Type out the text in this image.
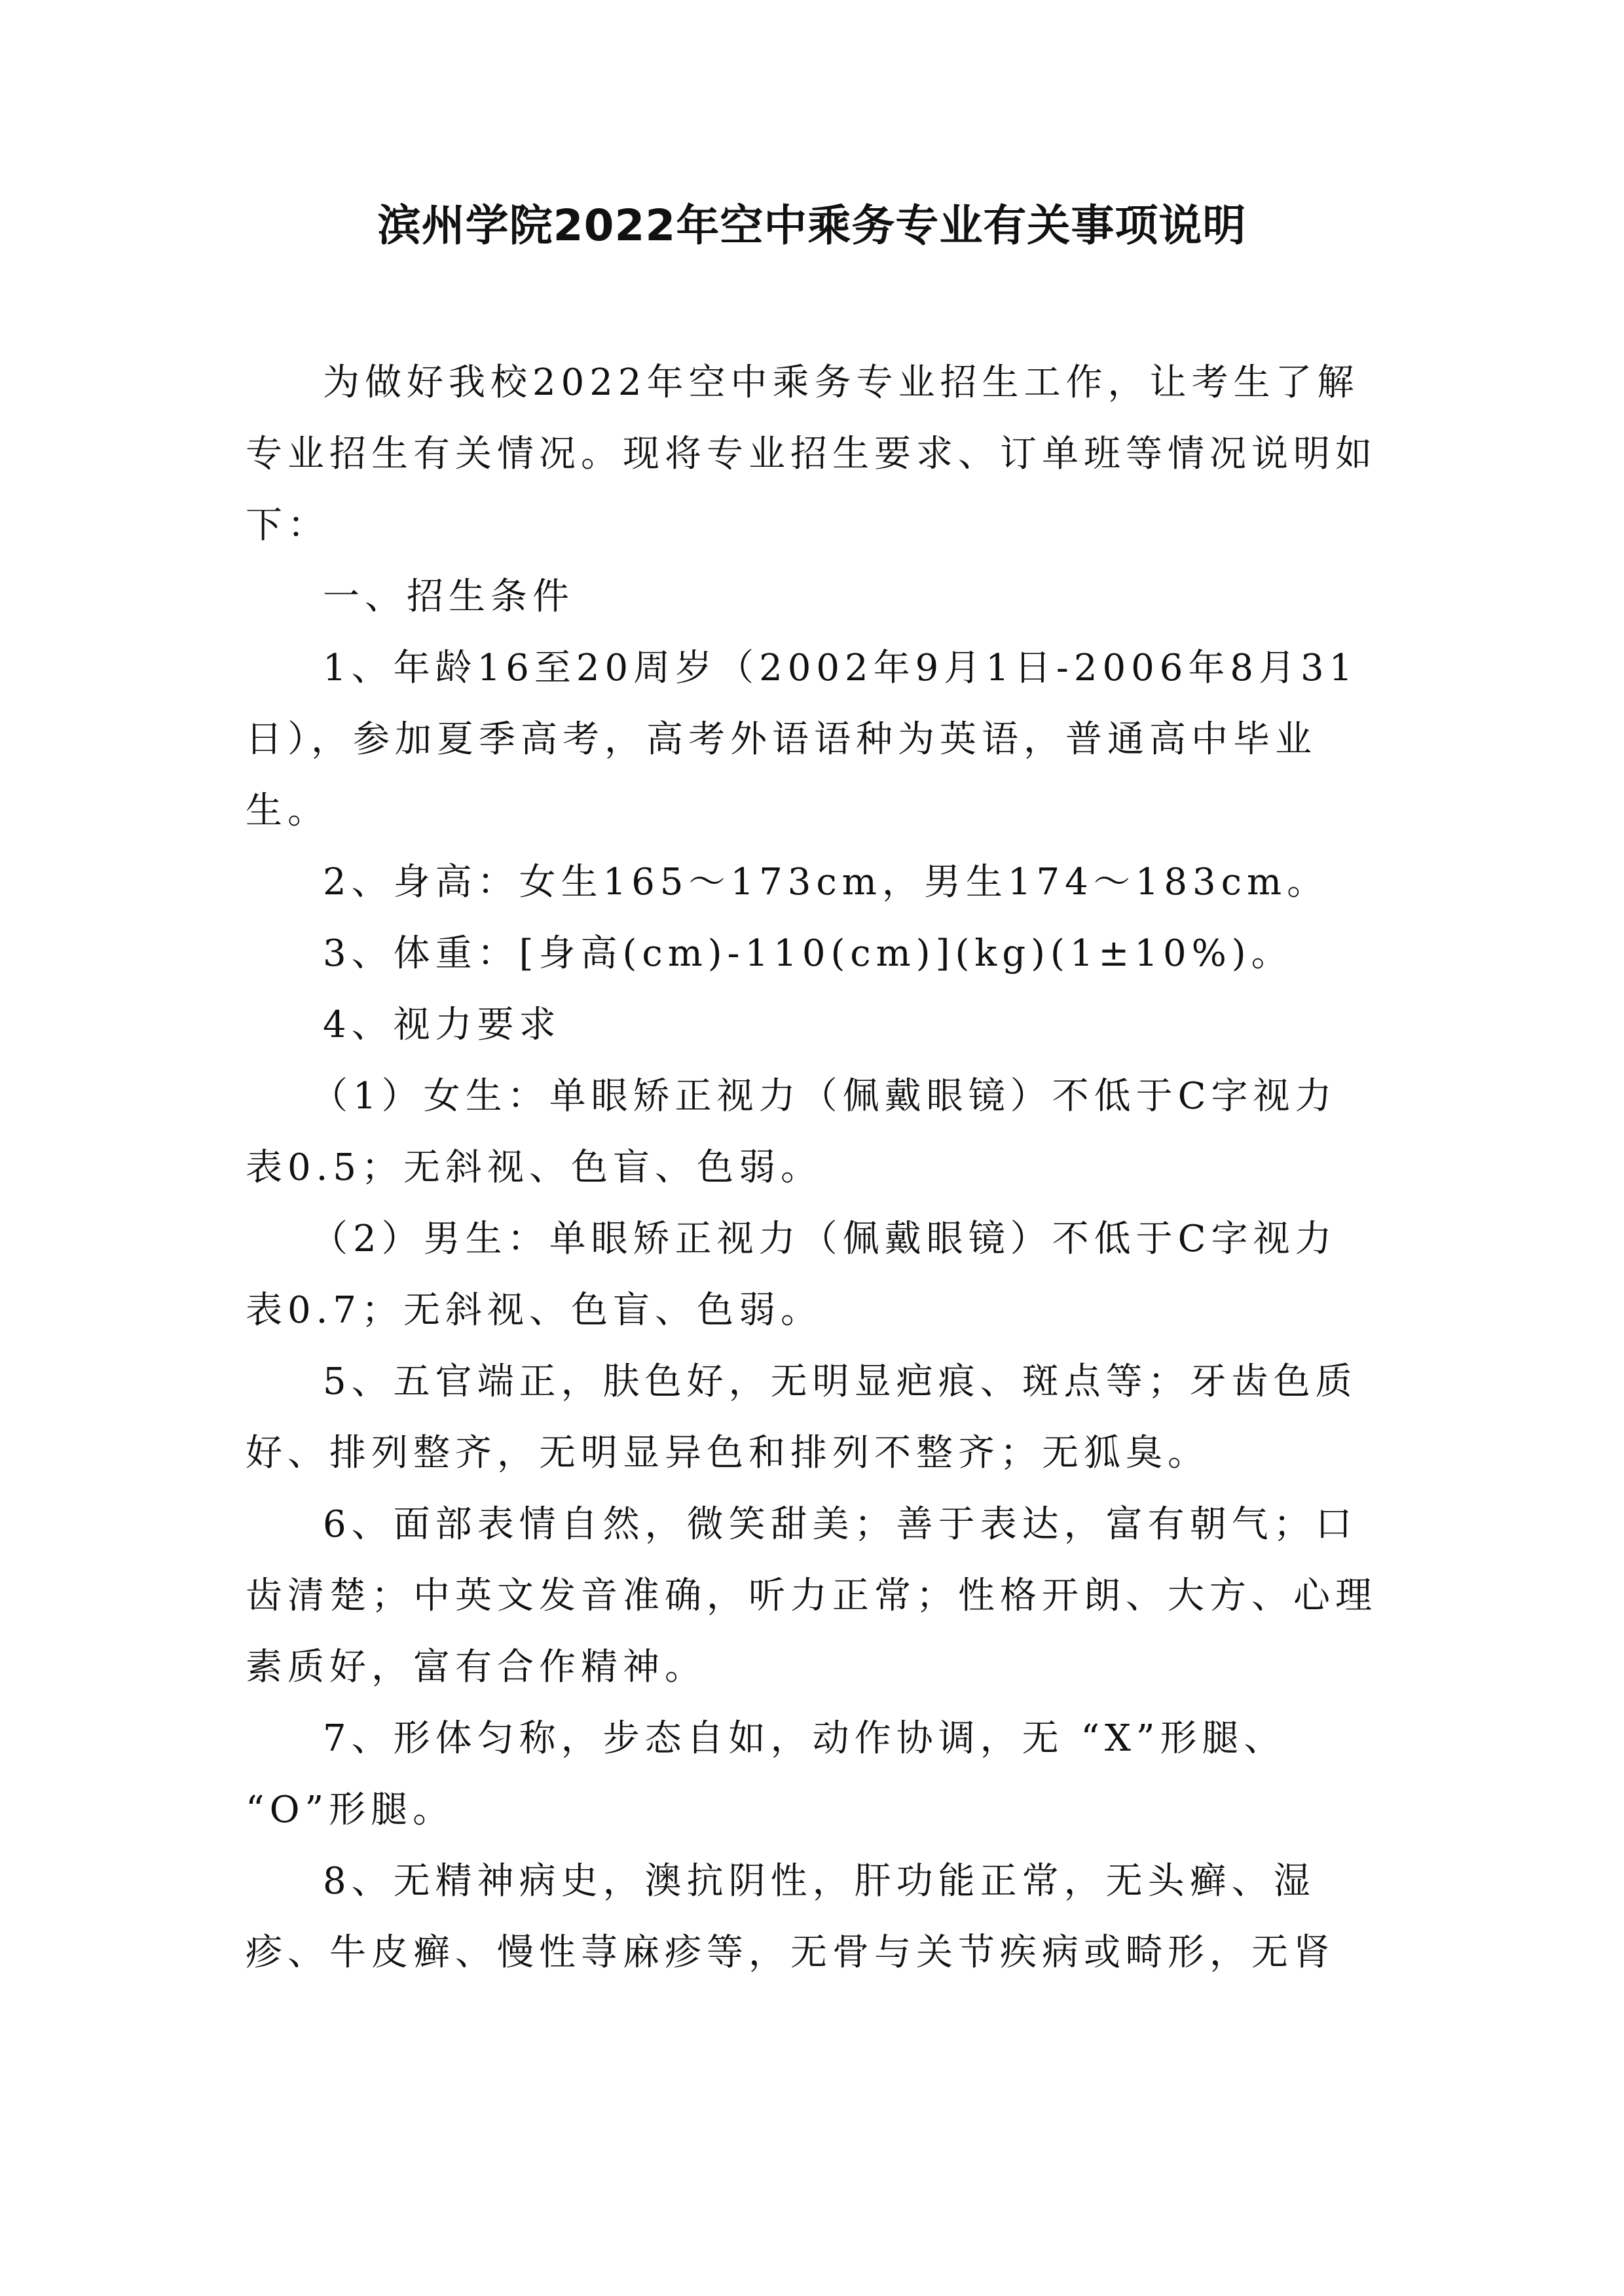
滨州学院2022年空中乘务专业有关事项说明

为做好我校2022年空中乘务专业招生工作，让考生了解

专业招生有关情况。现将专业招生要求、订单班等情况说明如

下：

一、招生条件

1、年龄16至20周岁（2002年9月1日-2006年8月31

日），参加夏季高考，高考外语语种为英语，普通高中毕业

生。

2、身高：女生165～173cm，男生174～183cm。

3、体重：[身高(cm)-110(cm)](kg)(1±10%)。

4、视力要求

（1）女生：单眼矫正视力（佩戴眼镜）不低于C字视力

表0.5；无斜视、色盲、色弱。

（2）男生：单眼矫正视力（佩戴眼镜）不低于C字视力

表0.7；无斜视、色盲、色弱。

5、五官端正，肤色好，无明显疤痕、斑点等；牙齿色质

好、排列整齐，无明显异色和排列不整齐；无狐臭。

6、面部表情自然，微笑甜美；善于表达，富有朝气；口

齿清楚；中英文发音准确，听力正常；性格开朗、大方、心理

素质好，富有合作精神。

7、形体匀称，步态自如，动作协调，无 “X”形腿、

“O”形腿。

8、无精神病史，澳抗阴性，肝功能正常，无头癣、湿

疹、牛皮癣、慢性荨麻疹等，无骨与关节疾病或畸形，无肾
